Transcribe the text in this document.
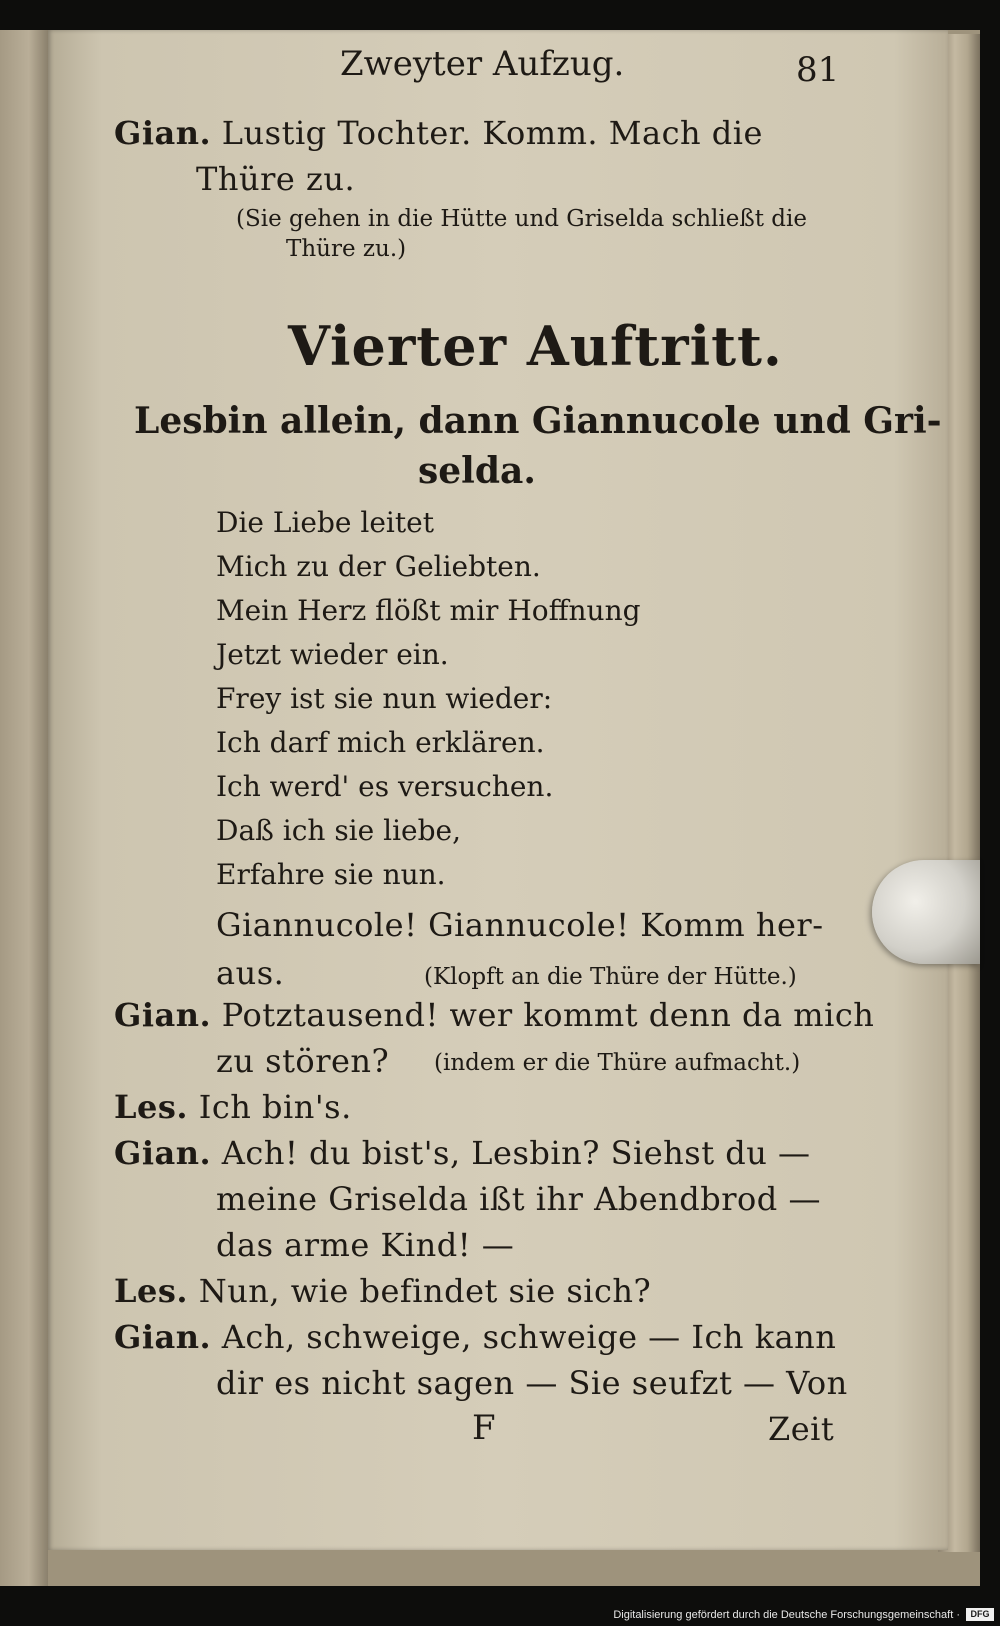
Zweyter Aufzug.	81
Gian. Lustig Tochter. Komm. Mach die
Thüre zu.
(Sie gehen in die Hütte und Griselda schließt die
Thüre zu.)
Vierter Auftritt.
Lesbin allein, dann Giannucole und Gri-
selda.
Die Liebe leitet
Mich zu der Geliebten.
Mein Herz flößt mir Hoffnung
Jetzt wieder ein.
Frey ist sie nun wieder:
Ich darf mich erklären.
Ich werd' es versuchen.
Daß ich sie liebe,
Erfahre sie nun.
Giannucole! Giannucole! Komm her-
aus.	(Klopft an die Thüre der Hütte.)
Gian. Potztausend! wer kommt denn da mich
zu stören? (indem er die Thüre aufmacht.)
Les. Ich bin's.
Gian. Ach! du bist's, Lesbin? Siehst du —
meine Griselda ißt ihr Abendbrod —
das arme Kind! —
Les. Nun, wie befindet sie sich?
Gian. Ach, schweige, schweige — Ich kann
dir es nicht sagen — Sie seufzt — Von
F	Zeit
Digitalisierung gefördert durch die Deutsche Forschungsgemeinschaft ·	DFG
